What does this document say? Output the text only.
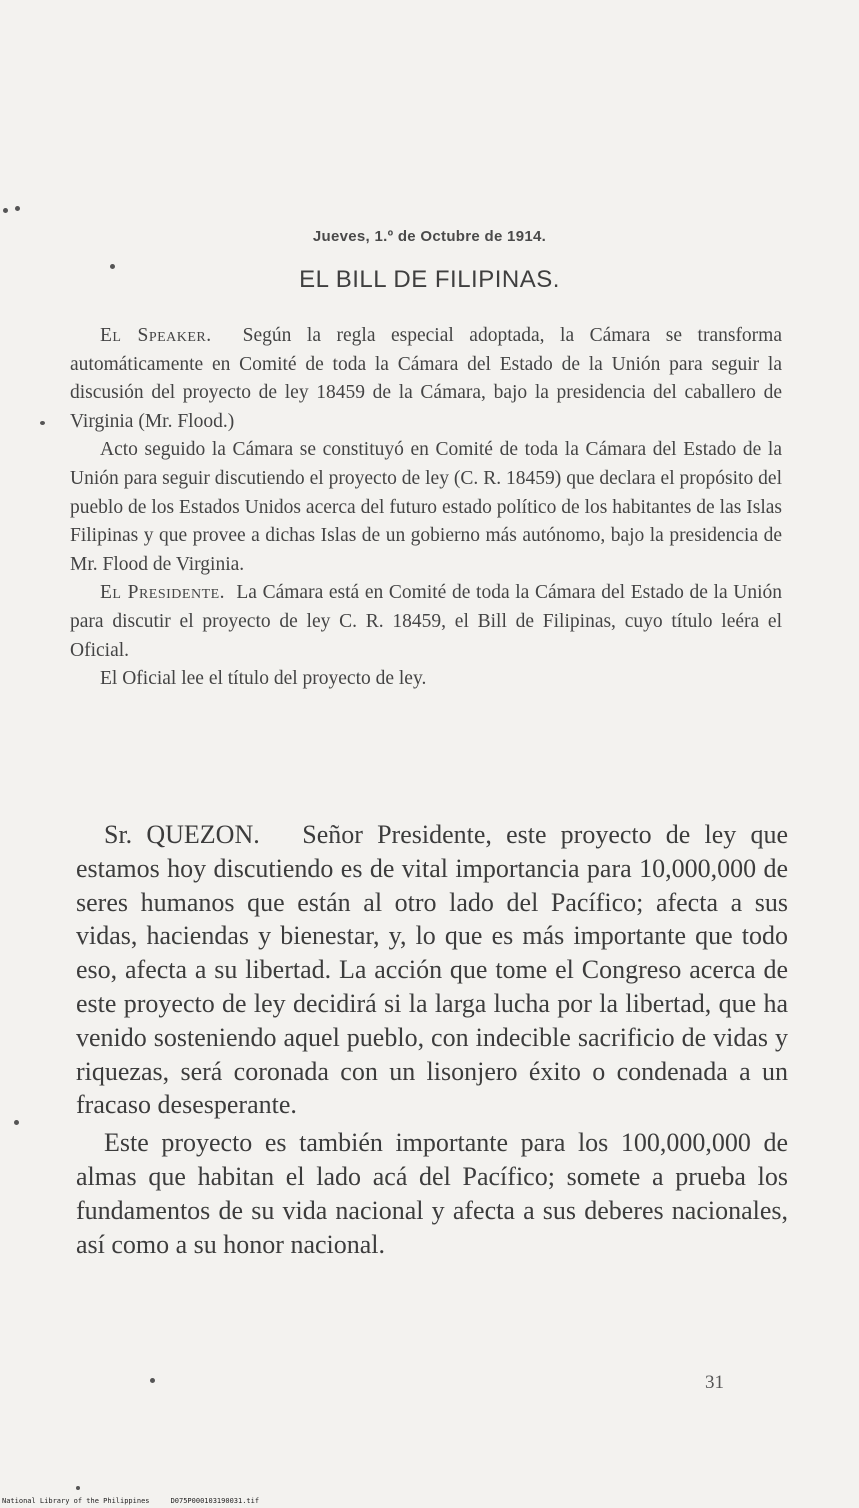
Jueves, 1.º de Octubre de 1914.
EL BILL DE FILIPINAS.

El Speaker. Según la regla especial adoptada, la Cámara se transforma automáticamente en Comité de toda la Cámara del Estado de la Unión para seguir la discusión del proyecto de ley 18459 de la Cámara, bajo la presidencia del caballero de Virginia (Mr. Flood.)

Acto seguido la Cámara se constituyó en Comité de toda la Cámara del Estado de la Unión para seguir discutiendo el proyecto de ley (C. R. 18459) que declara el propósito del pueblo de los Estados Unidos acerca del futuro estado político de los habitantes de las Islas Filipinas y que provee a dichas Islas de un gobierno más autónomo, bajo la presidencia de Mr. Flood de Virginia.

El Presidente. La Cámara está en Comité de toda la Cámara del Estado de la Unión para discutir el proyecto de ley C. R. 18459, el Bill de Filipinas, cuyo título leéra el Oficial.

El Oficial lee el título del proyecto de ley.

Sr. QUEZON. Señor Presidente, este proyecto de ley que estamos hoy discutiendo es de vital importancia para 10,000,000 de seres humanos que están al otro lado del Pacífico; afecta a sus vidas, haciendas y bienestar, y, lo que es más importante que todo eso, afecta a su libertad. La acción que tome el Congreso acerca de este proyecto de ley decidirá si la larga lucha por la libertad, que ha venido sosteniendo aquel pueblo, con indecible sacrificio de vidas y riquezas, será coronada con un lisonjero éxito o condenada a un fracaso desesperante.

Este proyecto es también importante para los 100,000,000 de almas que habitan el lado acá del Pacífico; somete a prueba los fundamentos de su vida nacional y afecta a sus deberes nacionales, así como a su honor nacional.

31
National Library of the Philippines     D075P000103190031.tif
